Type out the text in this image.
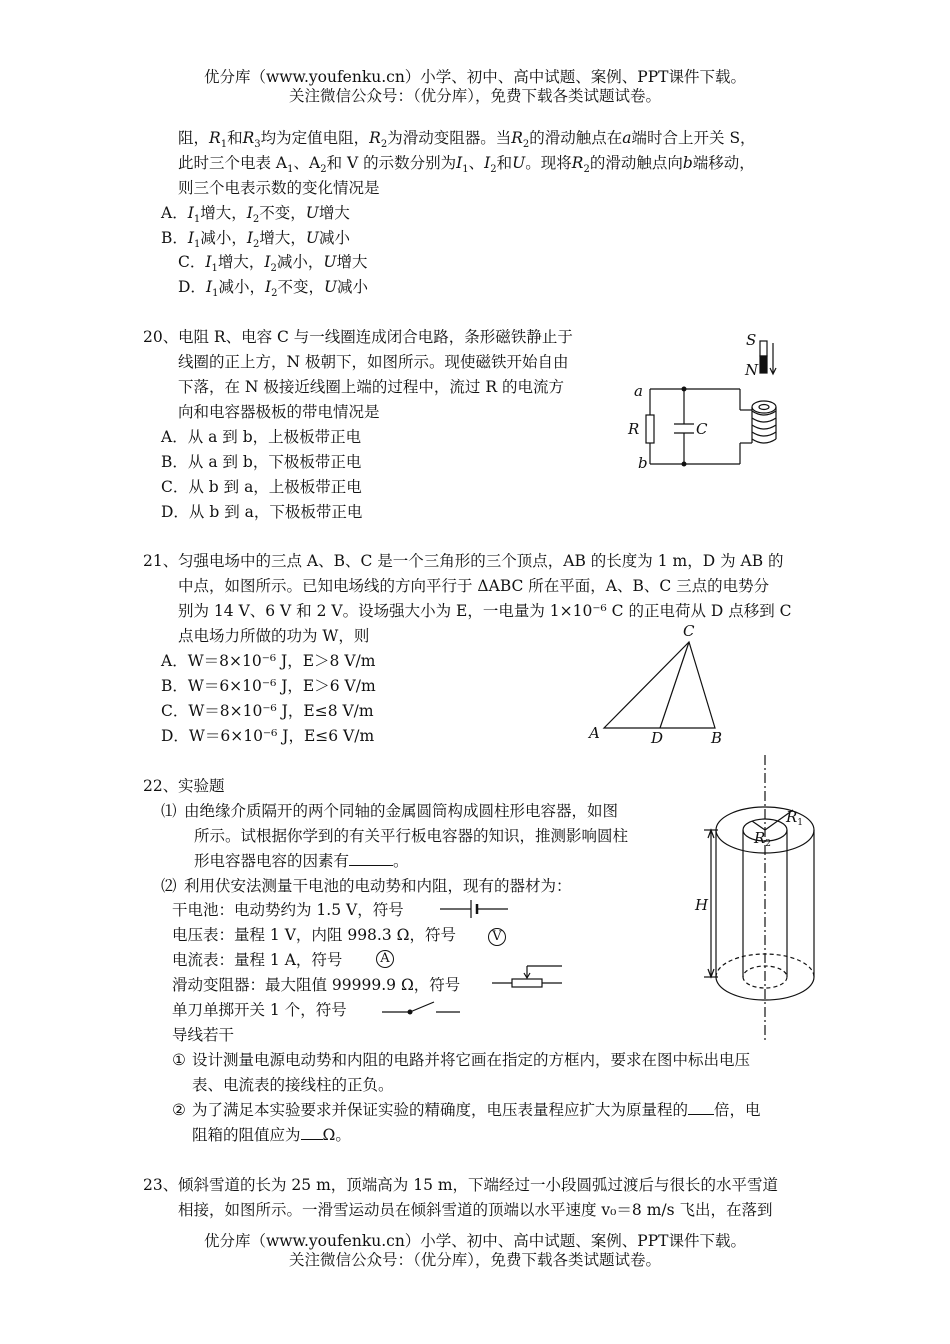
优分库（www.youfenku.cn）小学、初中、高中试题、案例、PPT课件下载。
关注微信公众号：（优分库），免费下载各类试题试卷。
阻，$R_1$和$R_3$均为定值电阻，$R_2$为滑动变阻器。当$R_2$的滑动触点在a端时合上开关 S，
此时三个电表 $A_1$、$A_2$和 V 的示数分别为$I_1$、$I_2$和U。现将$R_2$的滑动触点向b端移动，
则三个电表示数的变化情况是
A．$I_1$增大，$I_2$不变，U增大
B．$I_1$减小，$I_2$增大，U减小
C．$I_1$增大，$I_2$减小，U增大
D．$I_1$减小，$I_2$不变，U减小
20、 电阻 R、电容 C 与一线圈连成闭合电路，条形磁铁静止于
线圈的正上方，N 极朝下，如图所示。现使磁铁开始自由
下落，在 N 极接近线圈上端的过程中，流过 R 的电流方
向和电容器极板的带电情况是
A．从 a 到 b，上极板带正电
B．从 a 到 b，下极板带正电
C．从 b 到 a，上极板带正电
D．从 b 到 a，下极板带正电
S
N
a
R
b
C
21、 匀强电场中的三点 A、B、C 是一个三角形的三个顶点，AB 的长度为 1 m，D 为 AB 的
中点，如图所示。已知电场线的方向平行于 ΔABC 所在平面，A、B、C 三点的电势分
别为 14 V、6 V 和 2 V。设场强大小为 E，一电量为 1×10⁻⁶ C 的正电荷从 D 点移到 C
点电场力所做的功为 W，则
A．W＝8×10⁻⁶ J，E＞8 V/m
B．W＝6×10⁻⁶ J，E＞6 V/m
C．W＝8×10⁻⁶ J，E≤8 V/m
D．W＝6×10⁻⁶ J，E≤6 V/m
C
A	D	B
22、 实验题
⑴ 由绝缘介质隔开的两个同轴的金属圆筒构成圆柱形电容器，如图
所示。试根据你学到的有关平行板电容器的知识，推测影响圆柱
形电容器电容的因素有	。
⑵ 利用伏安法测量干电池的电动势和内阻，现有的器材为：
干电池：电动势约为 1.5 V，符号
电压表：量程 1 V，内阻 998.3 Ω，符号
电流表：量程 1 A，符号
滑动变阻器：最大阻值 99999.9 Ω，符号
单刀单掷开关 1 个，符号
导线若干
V
A
① 设计测量电源电动势和内阻的电路并将它画在指定的方框内，要求在图中标出电压
表、电流表的接线柱的正负。
② 为了满足本实验要求并保证实验的精确度，电压表量程应扩大为原量程的 倍，电
阻箱的阻值应为 Ω。
$R_1$
$R_2$
H
23、 倾斜雪道的长为 25 m，顶端高为 15 m，下端经过一小段圆弧过渡后与很长的水平雪道
相接，如图所示。一滑雪运动员在倾斜雪道的顶端以水平速度 v₀＝8 m/s 飞出，在落到
优分库（www.youfenku.cn）小学、初中、高中试题、案例、PPT课件下载。
关注微信公众号：（优分库），免费下载各类试题试卷。
